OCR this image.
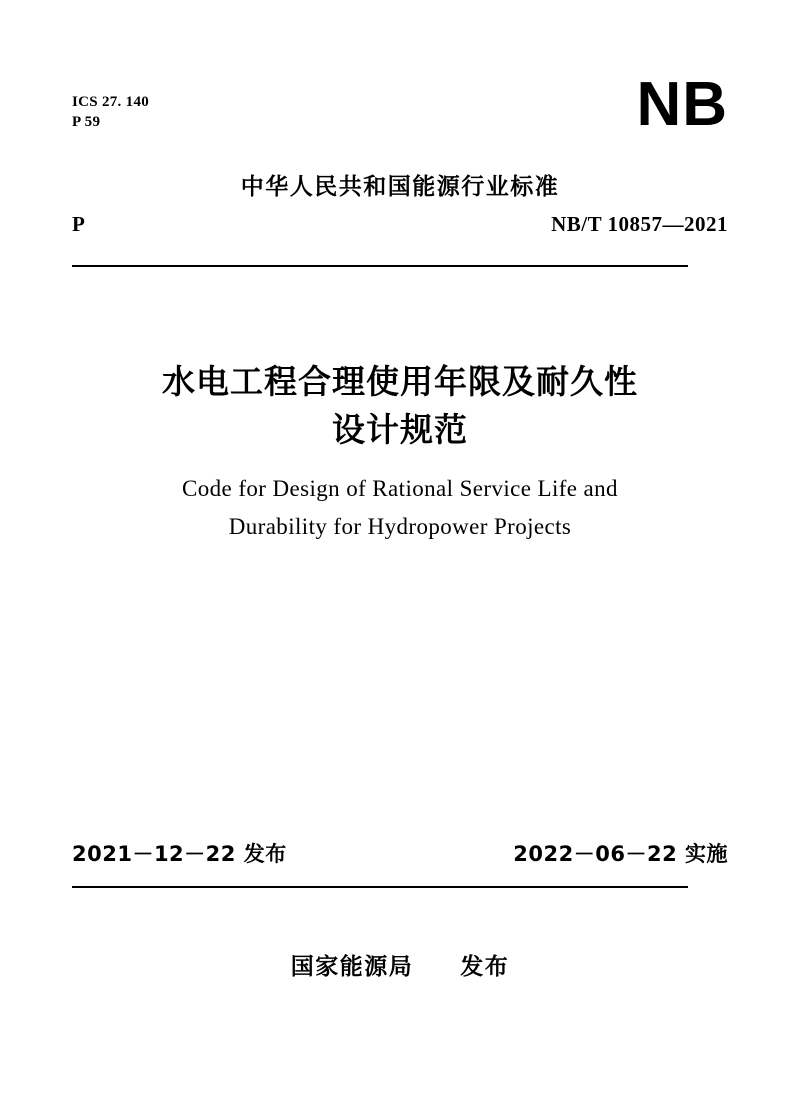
ICS 27. 140
P 59	NB
中华人民共和国能源行业标准
P	NB/T 10857—2021
水电工程合理使用年限及耐久性
设计规范
Code for Design of Rational Service Life and
Durability for Hydropower Projects
2021－12－22 发布	2022－06－22 实施
国家能源局 发布
